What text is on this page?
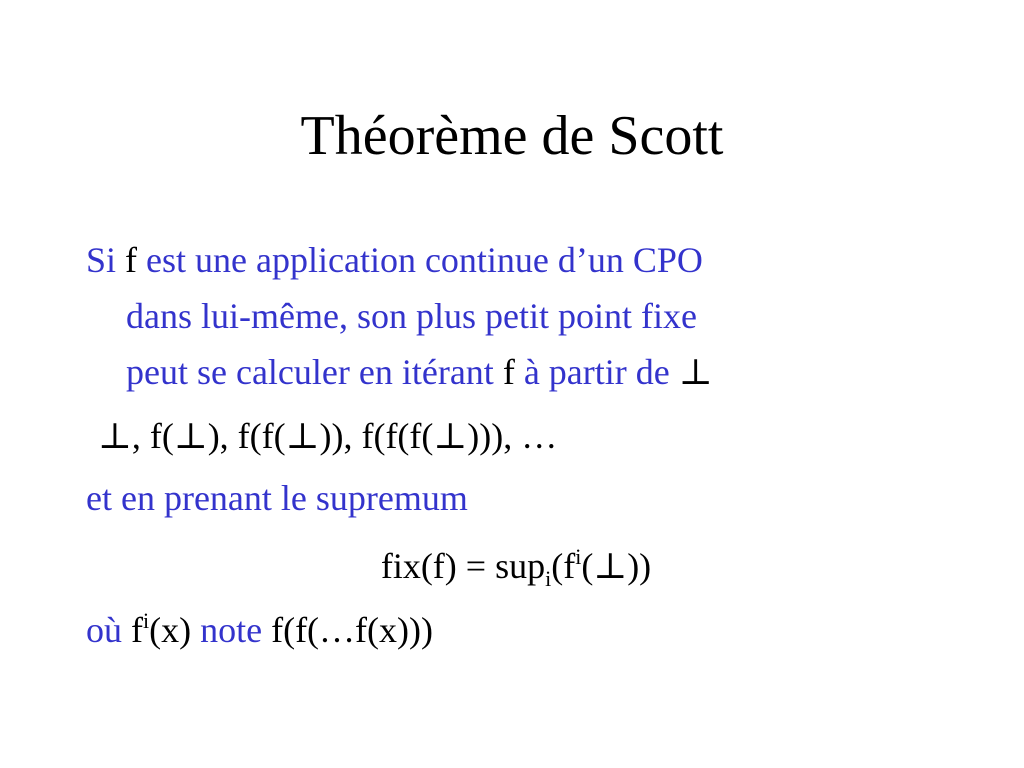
Théorème de Scott

Si f est une application continue d’un CPO
dans lui-même, son plus petit point fixe
peut se calculer en itérant f à partir de ⊥

⊥, f(⊥), f(f(⊥)), f(f(f(⊥))), …

et en prenant le supremum

$fix(f) = sup_i(f^i(\perp))$

où $f^i(x)$ note f(f(…f(x)))
